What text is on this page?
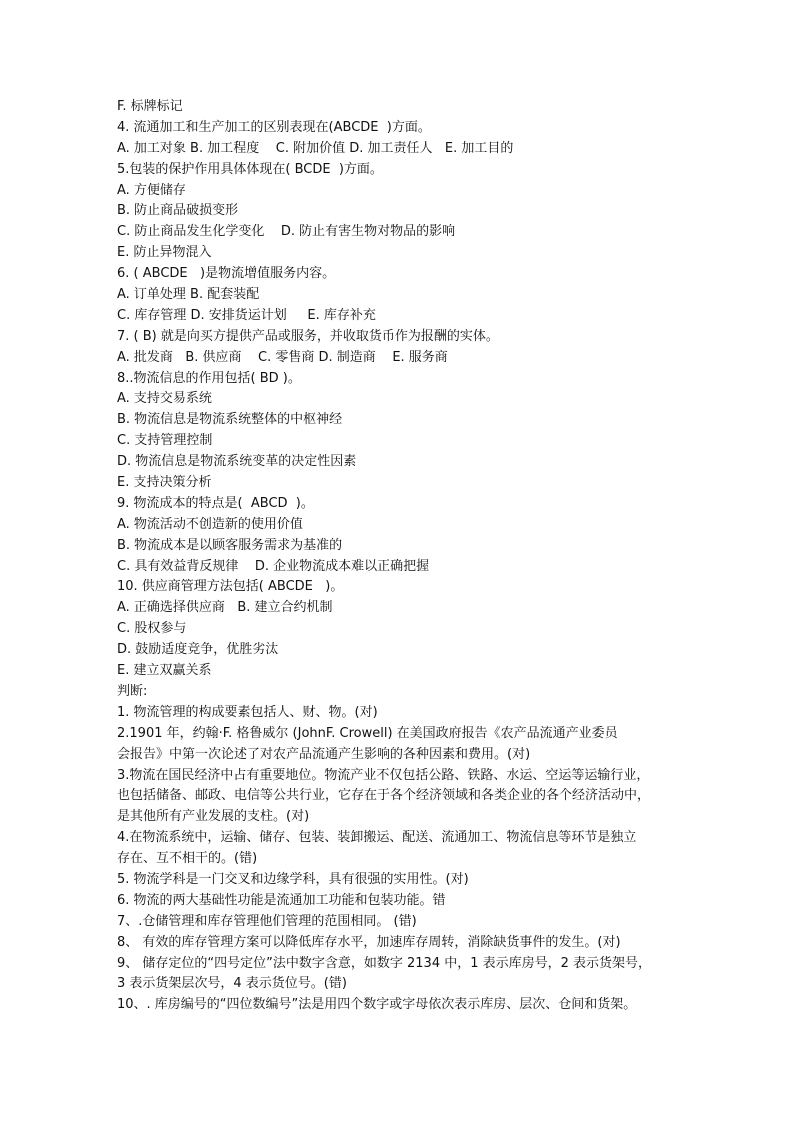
F. 标牌标记
4. 流通加工和生产加工的区别表现在(ABCDE  )方面。
A. 加工对象 B. 加工程度    C. 附加价值 D. 加工责任人   E. 加工目的
5.包装的保护作用具体体现在( BCDE  )方面。
A. 方便储存
B. 防止商品破损变形
C. 防止商品发生化学变化    D. 防止有害生物对物品的影响
E. 防止异物混入
6. ( ABCDE   )是物流增值服务内容。
A. 订单处理 B. 配套装配
C. 库存管理 D. 安排货运计划     E. 库存补充
7. ( B) 就是向买方提供产品或服务，并收取货币作为报酬的实体。
A. 批发商   B. 供应商    C. 零售商 D. 制造商    E. 服务商
8..物流信息的作用包括( BD )。
A. 支持交易系统
B. 物流信息是物流系统整体的中枢神经
C. 支持管理控制
D. 物流信息是物流系统变革的决定性因素
E. 支持决策分析
9. 物流成本的特点是(  ABCD  )。
A. 物流活动不创造新的使用价值
B. 物流成本是以顾客服务需求为基准的
C. 具有效益背反规律    D. 企业物流成本难以正确把握
10. 供应商管理方法包括( ABCDE   )。
A. 正确选择供应商   B. 建立合约机制
C. 股权参与
D. 鼓励适度竞争，优胜劣汰
E. 建立双赢关系
判断:
1. 物流管理的构成要素包括人、财、物。(对)
2.1901 年，约翰·F. 格鲁威尔 (JohnF. Crowell) 在美国政府报告《农产品流通产业委员
会报告》中第一次论述了对农产品流通产生影响的各种因素和费用。(对)
3.物流在国民经济中占有重要地位。物流产业不仅包括公路、铁路、水运、空运等运输行业，
也包括储备、邮政、电信等公共行业，它存在于各个经济领域和各类企业的各个经济活动中，
是其他所有产业发展的支柱。(对)
4.在物流系统中，运输、储存、包装、装卸搬运、配送、流通加工、物流信息等环节是独立
存在、互不相干的。(错)
5. 物流学科是一门交叉和边缘学科，具有很强的实用性。(对)
6. 物流的两大基础性功能是流通加工功能和包装功能。错
7、.仓储管理和库存管理他们管理的范围相同。 (错)
8、 有效的库存管理方案可以降低库存水平，加速库存周转，消除缺货事件的发生。(对)
9、 储存定位的“四号定位”法中数字含意，如数字 2134 中，1 表示库房号，2 表示货架号，
3 表示货架层次号，4 表示货位号。(错)
10、. 库房编号的“四位数编号”法是用四个数字或字母依次表示库房、层次、仓间和货架。
